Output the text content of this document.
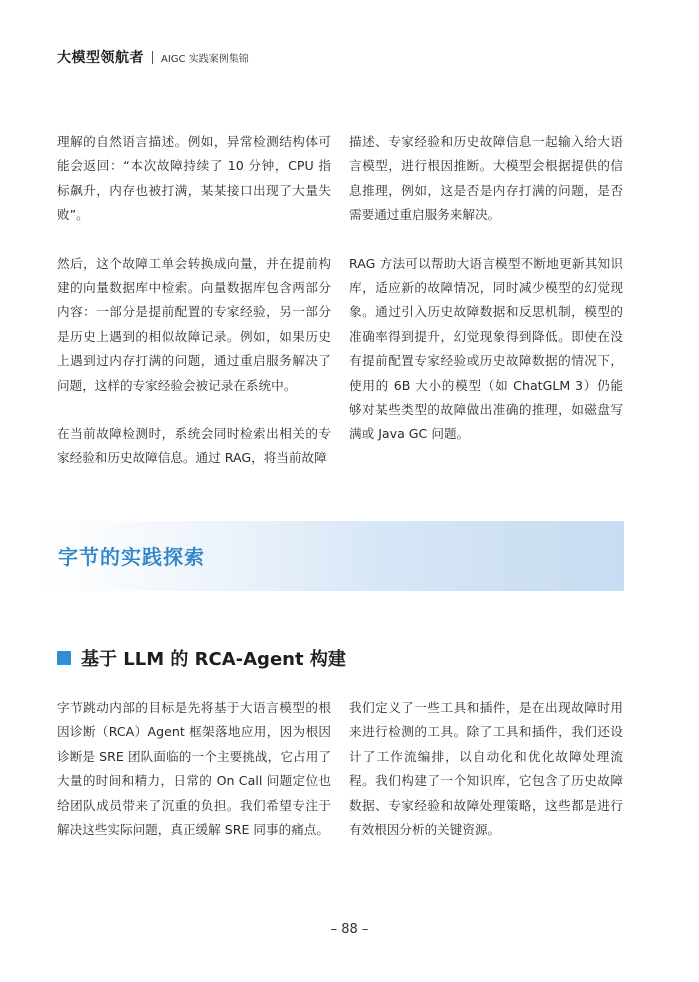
大模型领航者 AIGC 实践案例集锦

理解的自然语言描述。例如，异常检测结构体可能会返回：“本次故障持续了 10 分钟，CPU 指标飙升，内存也被打满，某某接口出现了大量失败”。

然后，这个故障工单会转换成向量，并在提前构建的向量数据库中检索。向量数据库包含两部分内容：一部分是提前配置的专家经验，另一部分是历史上遇到的相似故障记录。例如，如果历史上遇到过内存打满的问题，通过重启服务解决了问题，这样的专家经验会被记录在系统中。

在当前故障检测时，系统会同时检索出相关的专家经验和历史故障信息。通过 RAG，将当前故障

描述、专家经验和历史故障信息一起输入给大语言模型，进行根因推断。大模型会根据提供的信息推理，例如，这是否是内存打满的问题，是否需要通过重启服务来解决。

RAG 方法可以帮助大语言模型不断地更新其知识库，适应新的故障情况，同时减少模型的幻觉现象。通过引入历史故障数据和反思机制，模型的准确率得到提升，幻觉现象得到降低。即使在没有提前配置专家经验或历史故障数据的情况下，使用的 6B 大小的模型（如 ChatGLM 3）仍能够对某些类型的故障做出准确的推理，如磁盘写满或 Java GC 问题。

字节的实践探索
基于 LLM 的 RCA-Agent 构建

字节跳动内部的目标是先将基于大语言模型的根因诊断（RCA）Agent 框架落地应用，因为根因诊断是 SRE 团队面临的一个主要挑战，它占用了大量的时间和精力，日常的 On Call 问题定位也给团队成员带来了沉重的负担。我们希望专注于解决这些实际问题，真正缓解 SRE 同事的痛点。

我们定义了一些工具和插件，是在出现故障时用来进行检测的工具。除了工具和插件，我们还设计了工作流编排，以自动化和优化故障处理流程。我们构建了一个知识库，它包含了历史故障数据、专家经验和故障处理策略，这些都是进行有效根因分析的关键资源。

– 88 –
